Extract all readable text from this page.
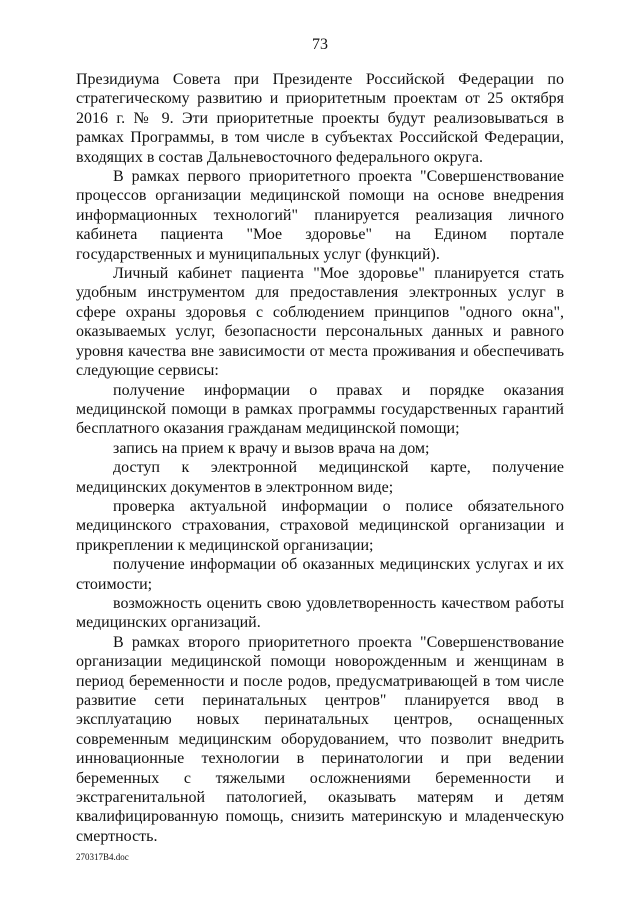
73

Президиума Совета при Президенте Российской Федерации по стратегическому развитию и приоритетным проектам от 25 октября 2016 г. № 9. Эти приоритетные проекты будут реализовываться в рамках Программы, в том числе в субъектах Российской Федерации, входящих в состав Дальневосточного федерального округа.

В рамках первого приоритетного проекта "Совершенствование процессов организации медицинской помощи на основе внедрения информационных технологий" планируется реализация личного кабинета пациента "Мое здоровье" на Едином портале государственных и муниципальных услуг (функций).

Личный кабинет пациента "Мое здоровье" планируется стать удобным инструментом для предоставления электронных услуг в сфере охраны здоровья с соблюдением принципов "одного окна", оказываемых услуг, безопасности персональных данных и равного уровня качества вне зависимости от места проживания и обеспечивать следующие сервисы:

получение информации о правах и порядке оказания медицинской помощи в рамках программы государственных гарантий бесплатного оказания гражданам медицинской помощи;

запись на прием к врачу и вызов врача на дом;

доступ к электронной медицинской карте, получение медицинских документов в электронном виде;

проверка актуальной информации о полисе обязательного медицинского страхования, страховой медицинской организации и прикреплении к медицинской организации;

получение информации об оказанных медицинских услугах и их стоимости;

возможность оценить свою удовлетворенность качеством работы медицинских организаций.

В рамках второго приоритетного проекта "Совершенствование организации медицинской помощи новорожденным и женщинам в период беременности и после родов, предусматривающей в том числе развитие сети перинатальных центров" планируется ввод в эксплуатацию новых перинатальных центров, оснащенных современным медицинским оборудованием, что позволит внедрить инновационные технологии в перинатологии и при ведении беременных с тяжелыми осложнениями беременности и экстрагенитальной патологией, оказывать матерям и детям квалифицированную помощь, снизить материнскую и младенческую смертность.

270317В4.doc
